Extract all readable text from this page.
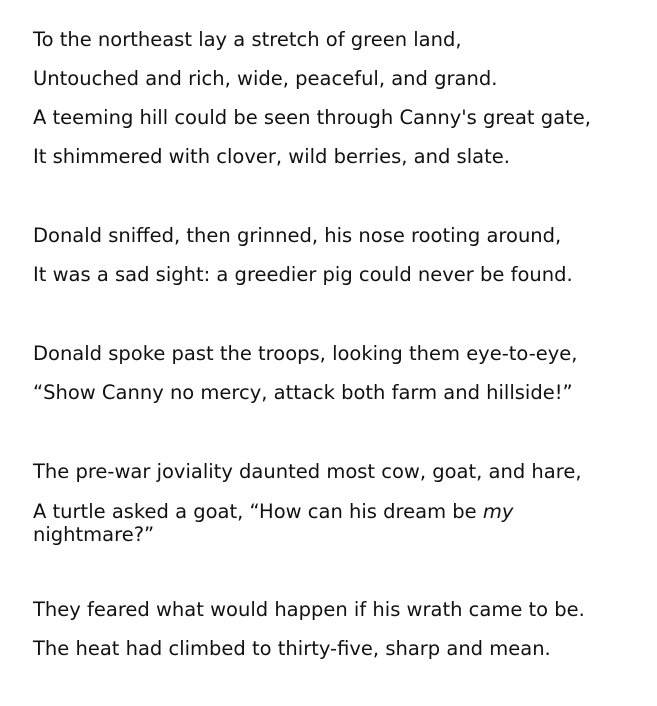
To the northeast lay a stretch of green land,
Untouched and rich, wide, peaceful, and grand.
A teeming hill could be seen through Canny's great gate,
It shimmered with clover, wild berries, and slate.
Donald sniffed, then grinned, his nose rooting around,
It was a sad sight: a greedier pig could never be found.
Donald spoke past the troops, looking them eye-to-eye,
“Show Canny no mercy, attack both farm and hillside!”
The pre-war joviality daunted most cow, goat, and hare,
A turtle asked a goat, “How can his dream be my nightmare?”
They feared what would happen if his wrath came to be.
The heat had climbed to thirty-five, sharp and mean.
